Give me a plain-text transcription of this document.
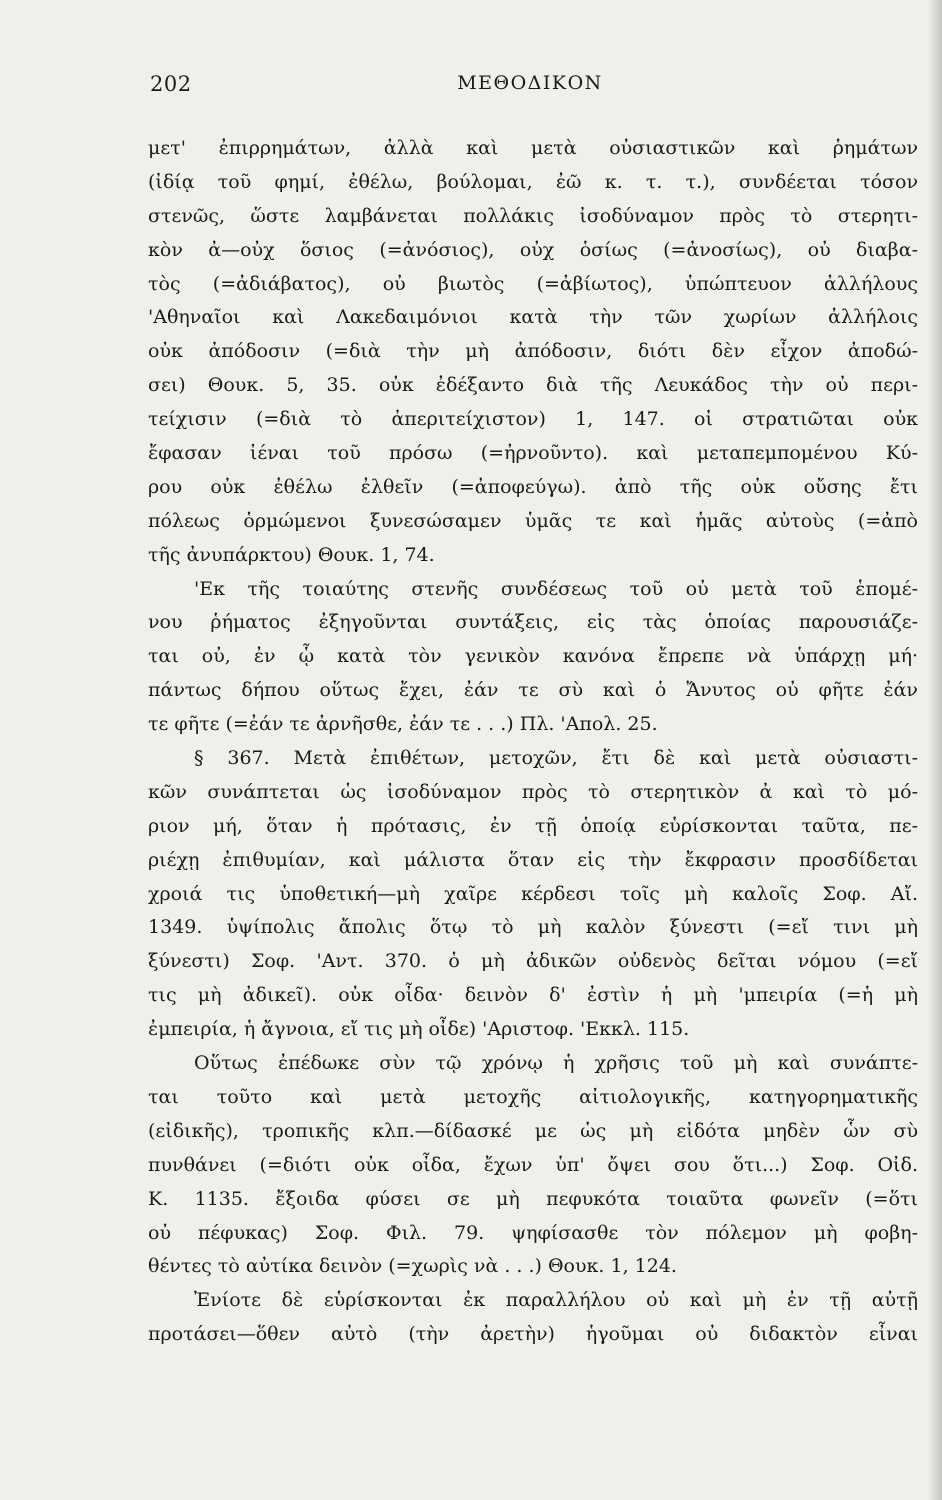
202	ΜΕΘΟΔΙΚΟΝ
μετ' ἐπιρρημάτων, ἀλλὰ καὶ μετὰ οὐσιαστικῶν καὶ ῥημάτων
(ἰδίᾳ τοῦ φημί, ἐθέλω, βούλομαι, ἐῶ κ. τ. τ.), συνδέεται τόσον
στενῶς, ὥστε λαμβάνεται πολλάκις ἰσοδύναμον πρὸς τὸ στερητι-
κὸν ἀ—οὐχ ὅσιος (=ἀνόσιος), οὐχ ὁσίως (=ἀνοσίως), οὐ διαβα-
τὸς (=ἀδιάβατος), οὐ βιωτὸς (=ἀβίωτος), ὑπώπτευον ἀλλήλους
'Αθηναῖοι καὶ Λακεδαιμόνιοι κατὰ τὴν τῶν χωρίων ἀλλήλοις
οὐκ ἀπόδοσιν (=διὰ τὴν μὴ ἀπόδοσιν, διότι δὲν εἶχον ἀποδώ-
σει) Θουκ. 5, 35. οὐκ ἐδέξαντο διὰ τῆς Λευκάδος τὴν οὐ περι-
τείχισιν (=διὰ τὸ ἀπεριτείχιστον) 1, 147. οἱ στρατιῶται οὐκ
ἔφασαν ἰέναι τοῦ πρόσω (=ἠρνοῦντο). καὶ μεταπεμπομένου Κύ-
ρου οὐκ ἐθέλω ἐλθεῖν (=ἀποφεύγω). ἀπὸ τῆς οὐκ οὔσης ἔτι
πόλεως ὁρμώμενοι ξυνεσώσαμεν ὑμᾶς τε καὶ ἡμᾶς αὐτοὺς (=ἀπὸ
τῆς ἀνυπάρκτου) Θουκ. 1, 74.
'Εκ τῆς τοιαύτης στενῆς συνδέσεως τοῦ οὐ μετὰ τοῦ ἑπομέ-
νου ῥήματος ἐξηγοῦνται συντάξεις, εἰς τὰς ὁποίας παρουσιάζε-
ται οὐ, ἐν ᾧ κατὰ τὸν γενικὸν κανόνα ἔπρεπε νὰ ὑπάρχῃ μή·
πάντως δήπου οὕτως ἔχει, ἐάν τε σὺ καὶ ὁ Ἄνυτος οὐ φῆτε ἐάν
τε φῆτε (=ἐάν τε ἀρνῆσθε, ἐάν τε . . .) Πλ. 'Απολ. 25.
§ 367. Μετὰ ἐπιθέτων, μετοχῶν, ἔτι δὲ καὶ μετὰ οὐσιαστι-
κῶν συνάπτεται ὡς ἰσοδύναμον πρὸς τὸ στερητικὸν ἀ καὶ τὸ μό-
ριον μή, ὅταν ἡ πρότασις, ἐν τῇ ὁποίᾳ εὑρίσκονται ταῦτα, πε-
ριέχῃ ἐπιθυμίαν, καὶ μάλιστα ὅταν εἰς τὴν ἔκφρασιν προσδίδεται
χροιά τις ὑποθετική—μὴ χαῖρε κέρδεσι τοῖς μὴ καλοῖς Σοφ. Αἴ.
1349. ὑψίπολις ἄπολις ὅτῳ τὸ μὴ καλὸν ξύνεστι (=εἴ τινι μὴ
ξύνεστι) Σοφ. 'Αντ. 370. ὁ μὴ ἀδικῶν οὐδενὸς δεῖται νόμου (=εἴ
τις μὴ ἀδικεῖ). οὐκ οἶδα· δεινὸν δ' ἐστὶν ἡ μὴ 'μπειρία (=ἡ μὴ
ἐμπειρία, ἡ ἄγνοια, εἴ τις μὴ οἶδε) 'Αριστοφ. 'Εκκλ. 115.
Οὕτως ἐπέδωκε σὺν τῷ χρόνῳ ἡ χρῆσις τοῦ μὴ καὶ συνάπτε-
ται τοῦτο καὶ μετὰ μετοχῆς αἰτιολογικῆς, κατηγορηματικῆς
(εἰδικῆς), τροπικῆς κλπ.—δίδασκέ με ὡς μὴ εἰδότα μηδὲν ὧν σὺ
πυνθάνει (=διότι οὐκ οἶδα, ἔχων ὑπ' ὄψει σου ὅτι...) Σοφ. Οἰδ.
Κ. 1135. ἔξοιδα φύσει σε μὴ πεφυκότα τοιαῦτα φωνεῖν (=ὅτι
οὐ πέφυκας) Σοφ. Φιλ. 79. ψηφίσασθε τὸν πόλεμον μὴ φοβη-
θέντες τὸ αὐτίκα δεινὸν (=χωρὶς νὰ . . .) Θουκ. 1, 124.
Ἐνίοτε δὲ εὑρίσκονται ἐκ παραλλήλου οὐ καὶ μὴ ἐν τῇ αὐτῇ
προτάσει—ὅθεν αὐτὸ (τὴν ἀρετὴν) ἡγοῦμαι οὐ διδακτὸν εἶναι
